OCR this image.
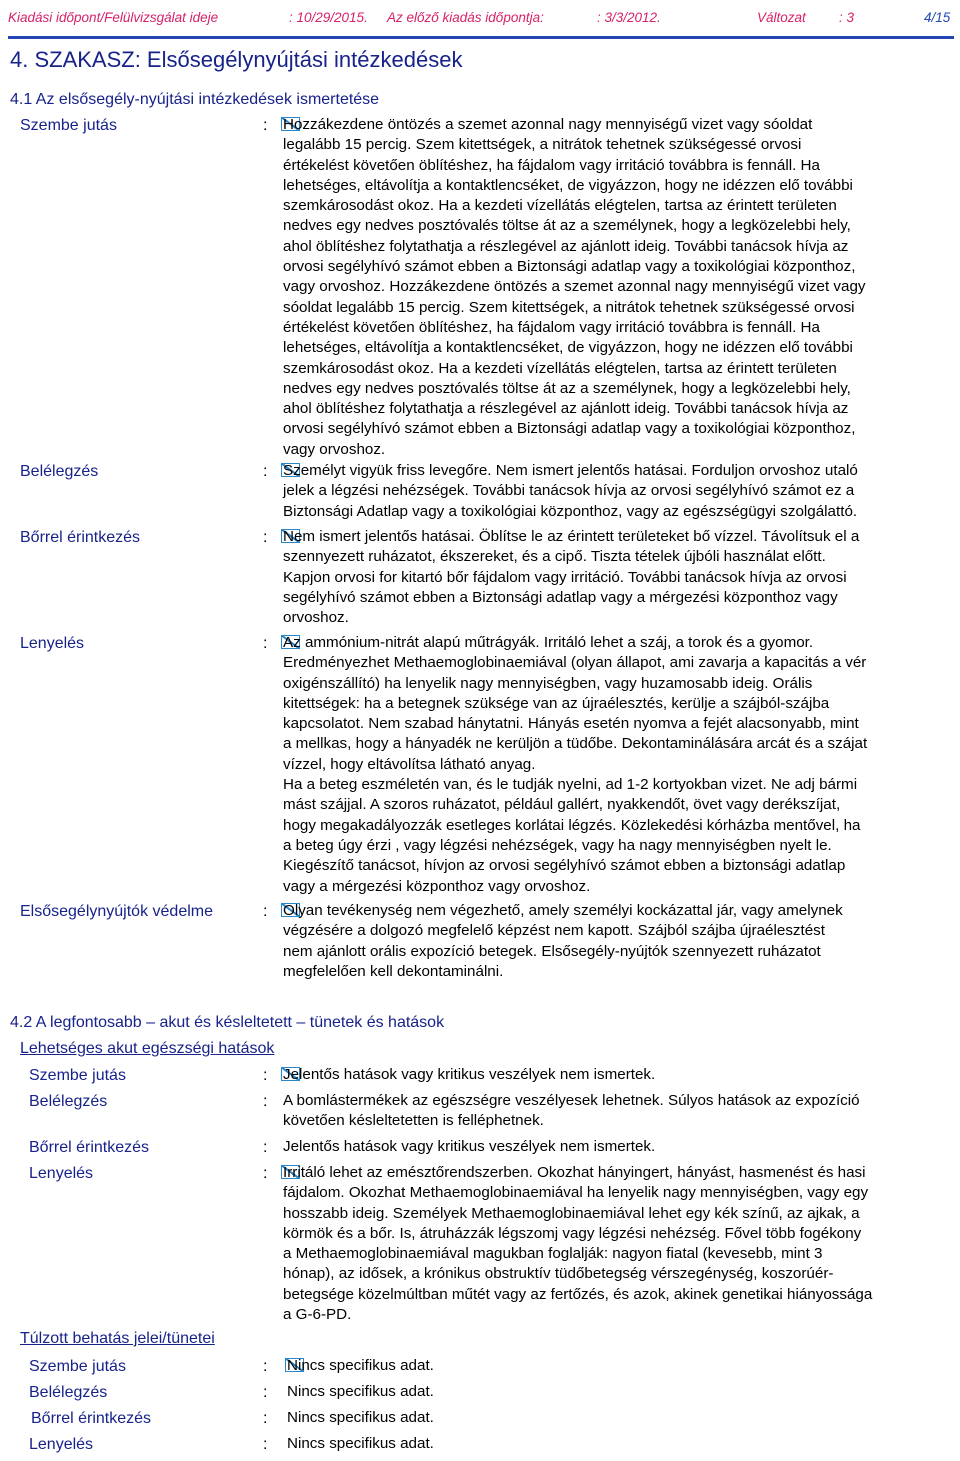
Kiadási időpont/Felülvizsgálat ideje	: 10/29/2015. Az előző kiadás időpontja:	: 3/3/2012.	Változat : 3	4/15
4. SZAKASZ: Elsősegélynyújtási intézkedések
4.1 Az elsősegély-nyújtási intézkedések ismertetése
Szembe jutás	: Hozzákezdene öntözés a szemet azonnal nagy mennyiségű vizet vagy sóoldat
legalább 15 percig. Szem kitettségek, a nitrátok tehetnek szükségessé orvosi
értékelést követően öblítéshez, ha fájdalom vagy irritáció továbbra is fennáll. Ha
lehetséges, eltávolítja a kontaktlencséket, de vigyázzon, hogy ne idézzen elő további
szemkárosodást okoz. Ha a kezdeti vízellátás elégtelen, tartsa az érintett területen
nedves egy nedves posztóvalés töltse át az a személynek, hogy a legközelebbi hely,
ahol öblítéshez folytathatja a részlegével az ajánlott ideig. További tanácsok hívja az
orvosi segélyhívó számot ebben a Biztonsági adatlap vagy a toxikológiai központhoz,
vagy orvoshoz. Hozzákezdene öntözés a szemet azonnal nagy mennyiségű vizet vagy
sóoldat legalább 15 percig. Szem kitettségek, a nitrátok tehetnek szükségessé orvosi
értékelést követően öblítéshez, ha fájdalom vagy irritáció továbbra is fennáll. Ha
lehetséges, eltávolítja a kontaktlencséket, de vigyázzon, hogy ne idézzen elő további
szemkárosodást okoz. Ha a kezdeti vízellátás elégtelen, tartsa az érintett területen
nedves egy nedves posztóvalés töltse át az a személynek, hogy a legközelebbi hely,
ahol öblítéshez folytathatja a részlegével az ajánlott ideig. További tanácsok hívja az
orvosi segélyhívó számot ebben a Biztonsági adatlap vagy a toxikológiai központhoz,
vagy orvoshoz.
Belélegzés	: Személyt vigyük friss levegőre. Nem ismert jelentős hatásai. Forduljon orvoshoz utaló
jelek a légzési nehézségek. További tanácsok hívja az orvosi segélyhívó számot ez a
Biztonsági Adatlap vagy a toxikológiai központhoz, vagy az egészségügyi szolgálattó.
Bőrrel érintkezés	: Nem ismert jelentős hatásai. Öblítse le az érintett területeket bő vízzel. Távolítsuk el a
szennyezett ruházatot, ékszereket, és a cipő. Tiszta tételek újbóli használat előtt.
Kapjon orvosi for kitartó bőr fájdalom vagy irritáció. További tanácsok hívja az orvosi
segélyhívó számot ebben a Biztonsági adatlap vagy a mérgezési központhoz vagy
orvoshoz.
Lenyelés	: Az ammónium-nitrát alapú műtrágyák. Irritáló lehet a száj, a torok és a gyomor.
Eredményezhet Methaemoglobinaemiával (olyan állapot, ami zavarja a kapacitás a vér
oxigénszállító) ha lenyelik nagy mennyiségben, vagy huzamosabb ideig. Orális
kitettségek: ha a betegnek szüksége van az újraélesztés, kerülje a szájból-szájba
kapcsolatot. Nem szabad hánytatni. Hányás esetén nyomva a fejét alacsonyabb, mint
a mellkas, hogy a hányadék ne kerüljön a tüdőbe. Dekontaminálására arcát és a szájat
vízzel, hogy eltávolítsa látható anyag.
Ha a beteg eszméletén van, és le tudják nyelni, ad 1-2 kortyokban vizet. Ne adj bármi
mást szájjal. A szoros ruházatot, például gallért, nyakkendőt, övet vagy derékszíjat,
hogy megakadályozzák esetleges korlátai légzés. Közlekedési kórházba mentővel, ha
a beteg úgy érzi , vagy légzési nehézségek, vagy ha nagy mennyiségben nyelt le.
Kiegészítő tanácsot, hívjon az orvosi segélyhívó számot ebben a biztonsági adatlap
vagy a mérgezési központhoz vagy orvoshoz.
Elsősegélynyújtók védelme	: Olyan tevékenység nem végezhető, amely személyi kockázattal jár, vagy amelynek
végzésére a dolgozó megfelelő képzést nem kapott. Szájból szájba újraélesztést
nem ajánlott orális expozíció betegek. Elsősegély-nyújtók szennyezett ruházatot
megfelelően kell dekontaminálni.
4.2 A legfontosabb – akut és késleltetett – tünetek és hatások
Lehetséges akut egészségi hatások
Szembe jutás	: Jelentős hatások vagy kritikus veszélyek nem ismertek.
Belélegzés	: A bomlástermékek az egészségre veszélyesek lehetnek. Súlyos hatások az expozíció
követően késleltetetten is felléphetnek.
Bőrrel érintkezés	: Jelentős hatások vagy kritikus veszélyek nem ismertek.
Lenyelés	: Irritáló lehet az emésztőrendszerben. Okozhat hányingert, hányást, hasmenést és hasi
fájdalom. Okozhat Methaemoglobinaemiával ha lenyelik nagy mennyiségben, vagy egy
hosszabb ideig. Személyek Methaemoglobinaemiával lehet egy kék színű, az ajkak, a
körmök és a bőr. Is, átruházzák légszomj vagy légzési nehézség. Fővel több fogékony
a Methaemoglobinaemiával magukban foglalják: nagyon fiatal (kevesebb, mint 3
hónap), az idősek, a krónikus obstruktív tüdőbetegség vérszegénység, koszorúér-
betegsége közelmúltban műtét vagy az fertőzés, és azok, akinek genetikai hiányossága
a G-6-PD.
Túlzott behatás jelei/tünetei
Szembe jutás	: Nincs specifikus adat.
Belélegzés	: Nincs specifikus adat.
Bőrrel érintkezés	: Nincs specifikus adat.
Lenyelés	: Nincs specifikus adat.
